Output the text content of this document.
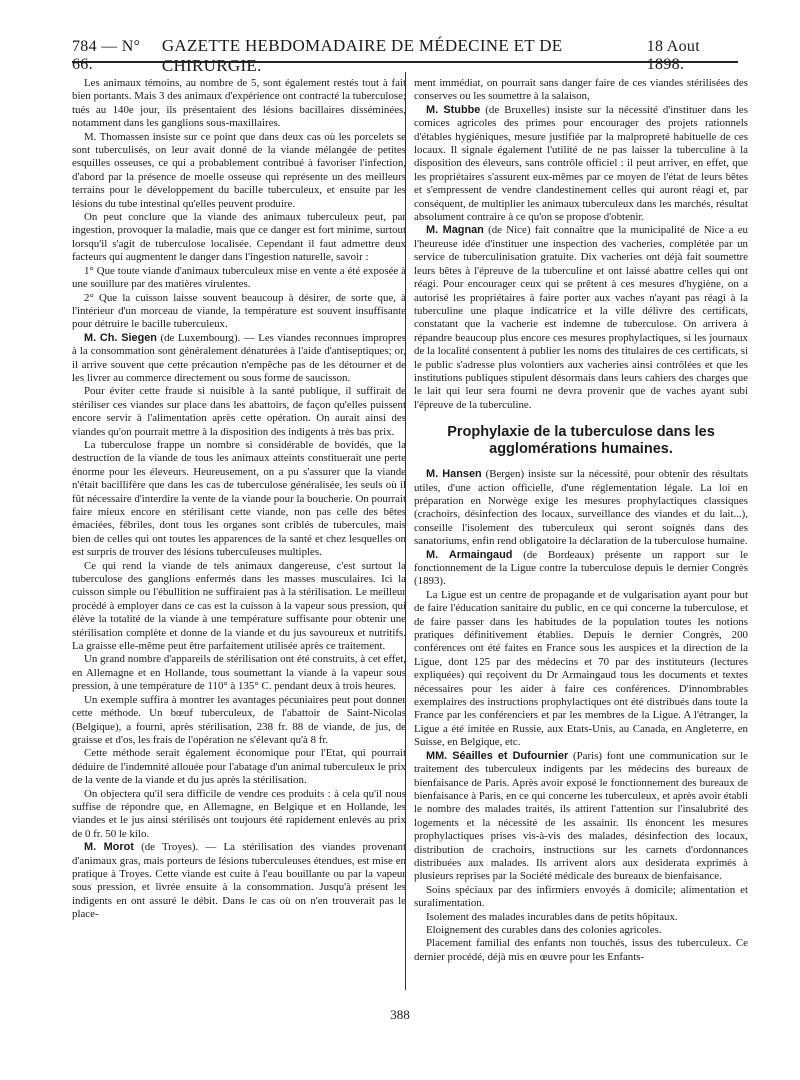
784 — N° 66.
GAZETTE HEBDOMADAIRE DE MÉDECINE ET DE CHIRURGIE.
18 Aout 1898.

Les animaux témoins, au nombre de 5, sont également restés tout à fait bien portants. Mais 3 des animaux d'expérience ont contracté la tuberculose; tués au 140e jour, ils présentaient des lésions bacillaires disséminées, notamment dans les ganglions sous-maxillaires.

M. Thomassen insiste sur ce point que dans deux cas où les porcelets se sont tuberculisés, on leur avait donné de la viande mélangée de petites esquilles osseuses, ce qui a probablement contribué à favoriser l'infection, d'abord par la présence de moelle osseuse qui représente un des meilleurs terrains pour le développement du bacille tuberculeux, et ensuite par les lésions du tube intestinal qu'elles peuvent produire.

On peut conclure que la viande des animaux tuberculeux peut, par ingestion, provoquer la maladie, mais que ce danger est fort minime, surtout lorsqu'il s'agit de tuberculose localisée. Cependant il faut admettre deux facteurs qui augmentent le danger dans l'ingestion naturelle, savoir :

1° Que toute viande d'animaux tuberculeux mise en vente a été exposée à une souillure par des matières virulentes.

2° Que la cuisson laisse souvent beaucoup à désirer, de sorte que, à l'intérieur d'un morceau de viande, la température est souvent insuffisante pour détruire le bacille tuberculeux.

M. Ch. Siegen (de Luxembourg). — Les viandes reconnues impropres à la consommation sont généralement dénaturées à l'aide d'antiseptiques; or, il arrive souvent que cette précaution n'empêche pas de les détourner et de les livrer au commerce directement ou sous forme de saucisson.

Pour éviter cette fraude si nuisible à la santé publique, il suffirait de stériliser ces viandes sur place dans les abattoirs, de façon qu'elles puissent encore servir à l'alimentation après cette opération. On aurait ainsi des viandes qu'on pourrait mettre à la disposition des indigents à très bas prix.

La tuberculose frappe un nombre si considérable de bovidés, que la destruction de la viande de tous les animaux atteints constituerait une perte énorme pour les éleveurs. Heureusement, on a pu s'assurer que la viande n'était bacillifère que dans les cas de tuberculose généralisée, les seuls où il fût nécessaire d'interdire la vente de la viande pour la boucherie. On pourrait faire mieux encore en stérilisant cette viande, non pas celle des bêtes émaciées, fébriles, dont tous les organes sont criblés de tubercules, mais bien de celles qui ont toutes les apparences de la santé et chez lesquelles on est surpris de trouver des lésions tuberculeuses multiples.

Ce qui rend la viande de tels animaux dangereuse, c'est surtout la tuberculose des ganglions enfermés dans les masses musculaires. Ici la cuisson simple ou l'ébullition ne suffiraient pas à la stérilisation. Le meilleur procédé à employer dans ce cas est la cuisson à la vapeur sous pression, qui élève la totalité de la viande à une température suffisante pour obtenir une stérilisation complète et donne de la viande et du jus savoureux et nutritifs. La graisse elle-même peut être parfaitement utilisée après ce traitement.

Un grand nombre d'appareils de stérilisation ont été construits, à cet effet, en Allemagne et en Hollande, tous soumettant la viande à la vapeur sous pression, à une température de 110° à 135° C. pendant deux à trois heures.

Un exemple suffira à montrer les avantages pécuniaires peut pout donner cette méthode. Un bœuf tuberculeux, de l'abattoir de Saint-Nicolas (Belgique), a fourni, après stérilisation, 238 fr. 88 de viande, de jus, de graisse et d'os, les frais de l'opération ne s'élevant qu'à 8 fr.

Cette méthode serait également économique pour l'Etat, qui pourrait déduire de l'indemnité allouée pour l'abatage d'un animal tuberculeux le prix de la vente de la viande et du jus après la stérilisation.

On objectera qu'il sera difficile de vendre ces produits : à cela qu'il nous suffise de répondre que, en Allemagne, en Belgique et en Hollande, les viandes et le jus ainsi stérilisés ont toujours été rapidement enlevés au prix de 0 fr. 50 le kilo.

M. Morot (de Troyes). — La stérilisation des viandes provenant d'animaux gras, mais porteurs de lésions tuberculeuses étendues, est mise en pratique à Troyes. Cette viande est cuite à l'eau bouillante ou par la vapeur sous pression, et livrée ensuite à la consommation. Jusqu'à présent les indigents en ont assuré le débit. Dans le cas où on n'en trouverait pas le place-

ment immédiat, on pourrait sans danger faire de ces viandes stérilisées des conserves ou les soumettre à la salaison,

M. Stubbe (de Bruxelles) insiste sur la nécessité d'instituer dans les comices agricoles des primes pour encourager des projets rationnels d'étables hygiéniques, mesure justifiée par la malpropreté habituelle de ces locaux. Il signale également l'utilité de ne pas laisser la tuberculine à la disposition des éleveurs, sans contrôle officiel : il peut arriver, en effet, que les propriétaires s'assurent eux-mêmes par ce moyen de l'état de leurs bêtes et s'empressent de vendre clandestinement celles qui auront réagi et, par conséquent, de multiplier les animaux tuberculeux dans les marchés, résultat absolument contraire à ce qu'on se propose d'obtenir.

M. Magnan (de Nice) fait connaître que la municipalité de Nice a eu l'heureuse idée d'instituer une inspection des vacheries, complétée par un service de tuberculinisation gratuite. Dix vacheries ont déjà fait soumettre leurs bêtes à l'épreuve de la tuberculine et ont laissé abattre celles qui ont réagi. Pour encourager ceux qui se prêtent à ces mesures d'hygiène, on a autorisé les propriétaires à faire porter aux vaches n'ayant pas réagi à la tuberculine une plaque indicatrice et la ville délivre des certificats, constatant que la vacherie est indemne de tuberculose. On arrivera à répandre beaucoup plus encore ces mesures prophylactiques, si les journaux de la localité consentent à publier les noms des titulaires de ces certificats, si le public s'adresse plus volontiers aux vacheries ainsi contrôlées et que les institutions publiques stipulent désormais dans leurs cahiers des charges que le lait qui leur sera fourni ne devra provenir que de vaches ayant subi l'épreuve de la tuberculine.

Prophylaxie de la tuberculose dans les agglomérations humaines.

M. Hansen (Bergen) insiste sur la nécessité, pour obtenir des résultats utiles, d'une action officielle, d'une réglementation légale. La loi en préparation en Norwège exige les mesures prophylactiques classiques (crachoirs, désinfection des locaux, surveillance des viandes et du lait...), conseille l'isolement des tuberculeux qui seront soignés dans des sanatoriums, enfin rend obligatoire la déclaration de la tuberculose humaine.

M. Armaingaud (de Bordeaux) présente un rapport sur le fonctionnement de la Ligue contre la tuberculose depuis le dernier Congrès (1893).

La Ligue est un centre de propagande et de vulgarisation ayant pour but de faire l'éducation sanitaire du public, en ce qui concerne la tuberculose, et de faire passer dans les habitudes de la population toutes les notions pratiques définitivement établies. Depuis le dernier Congrès, 200 conférences ont été faites en France sous les auspices et la direction de la Ligue, dont 125 par des médecins et 70 par des instituteurs (lectures expliquées) qui reçoivent du Dr Armaingaud tous les documents et textes nécessaires pour les aider à faire ces conférences. D'innombrables exemplaires des instructions prophylactiques ont été distribués dans toute la France par les conférenciers et par les membres de la Ligue. A l'étranger, la Ligue a été imitée en Russie, aux Etats-Unis, au Canada, en Angleterre, en Suisse, en Belgique, etc.

MM. Séailles et Dufournier (Paris) font une communication sur le traitement des tuberculeux indigents par les médecins des bureaux de bienfaisance de Paris. Après avoir exposé le fonctionnement des bureaux de bienfaisance à Paris, en ce qui concerne les tuberculeux, et après avoir établi le nombre des malades traités, ils attirent l'attention sur l'insalubrité des logements et la nécessité de les assainir. Ils énoncent les mesures prophylactiques prises vis-à-vis des malades, désinfection des locaux, distribution de crachoirs, instructions sur les carnets d'ordonnances distribuées aux malades. Ils arrivent alors aux desiderata exprimés à plusieurs reprises par la Société médicale des bureaux de bienfaisance.

Soins spéciaux par des infirmiers envoyés à domicile; alimentation et suralimentation.

Isolement des malades incurables dans de petits hôpitaux.

Eloignement des curables dans des colonies agricoles.

Placement familial des enfants non touchés, issus des tuberculeux. Ce dernier procédé, déjà mis en œuvre pour les Enfants-

388
